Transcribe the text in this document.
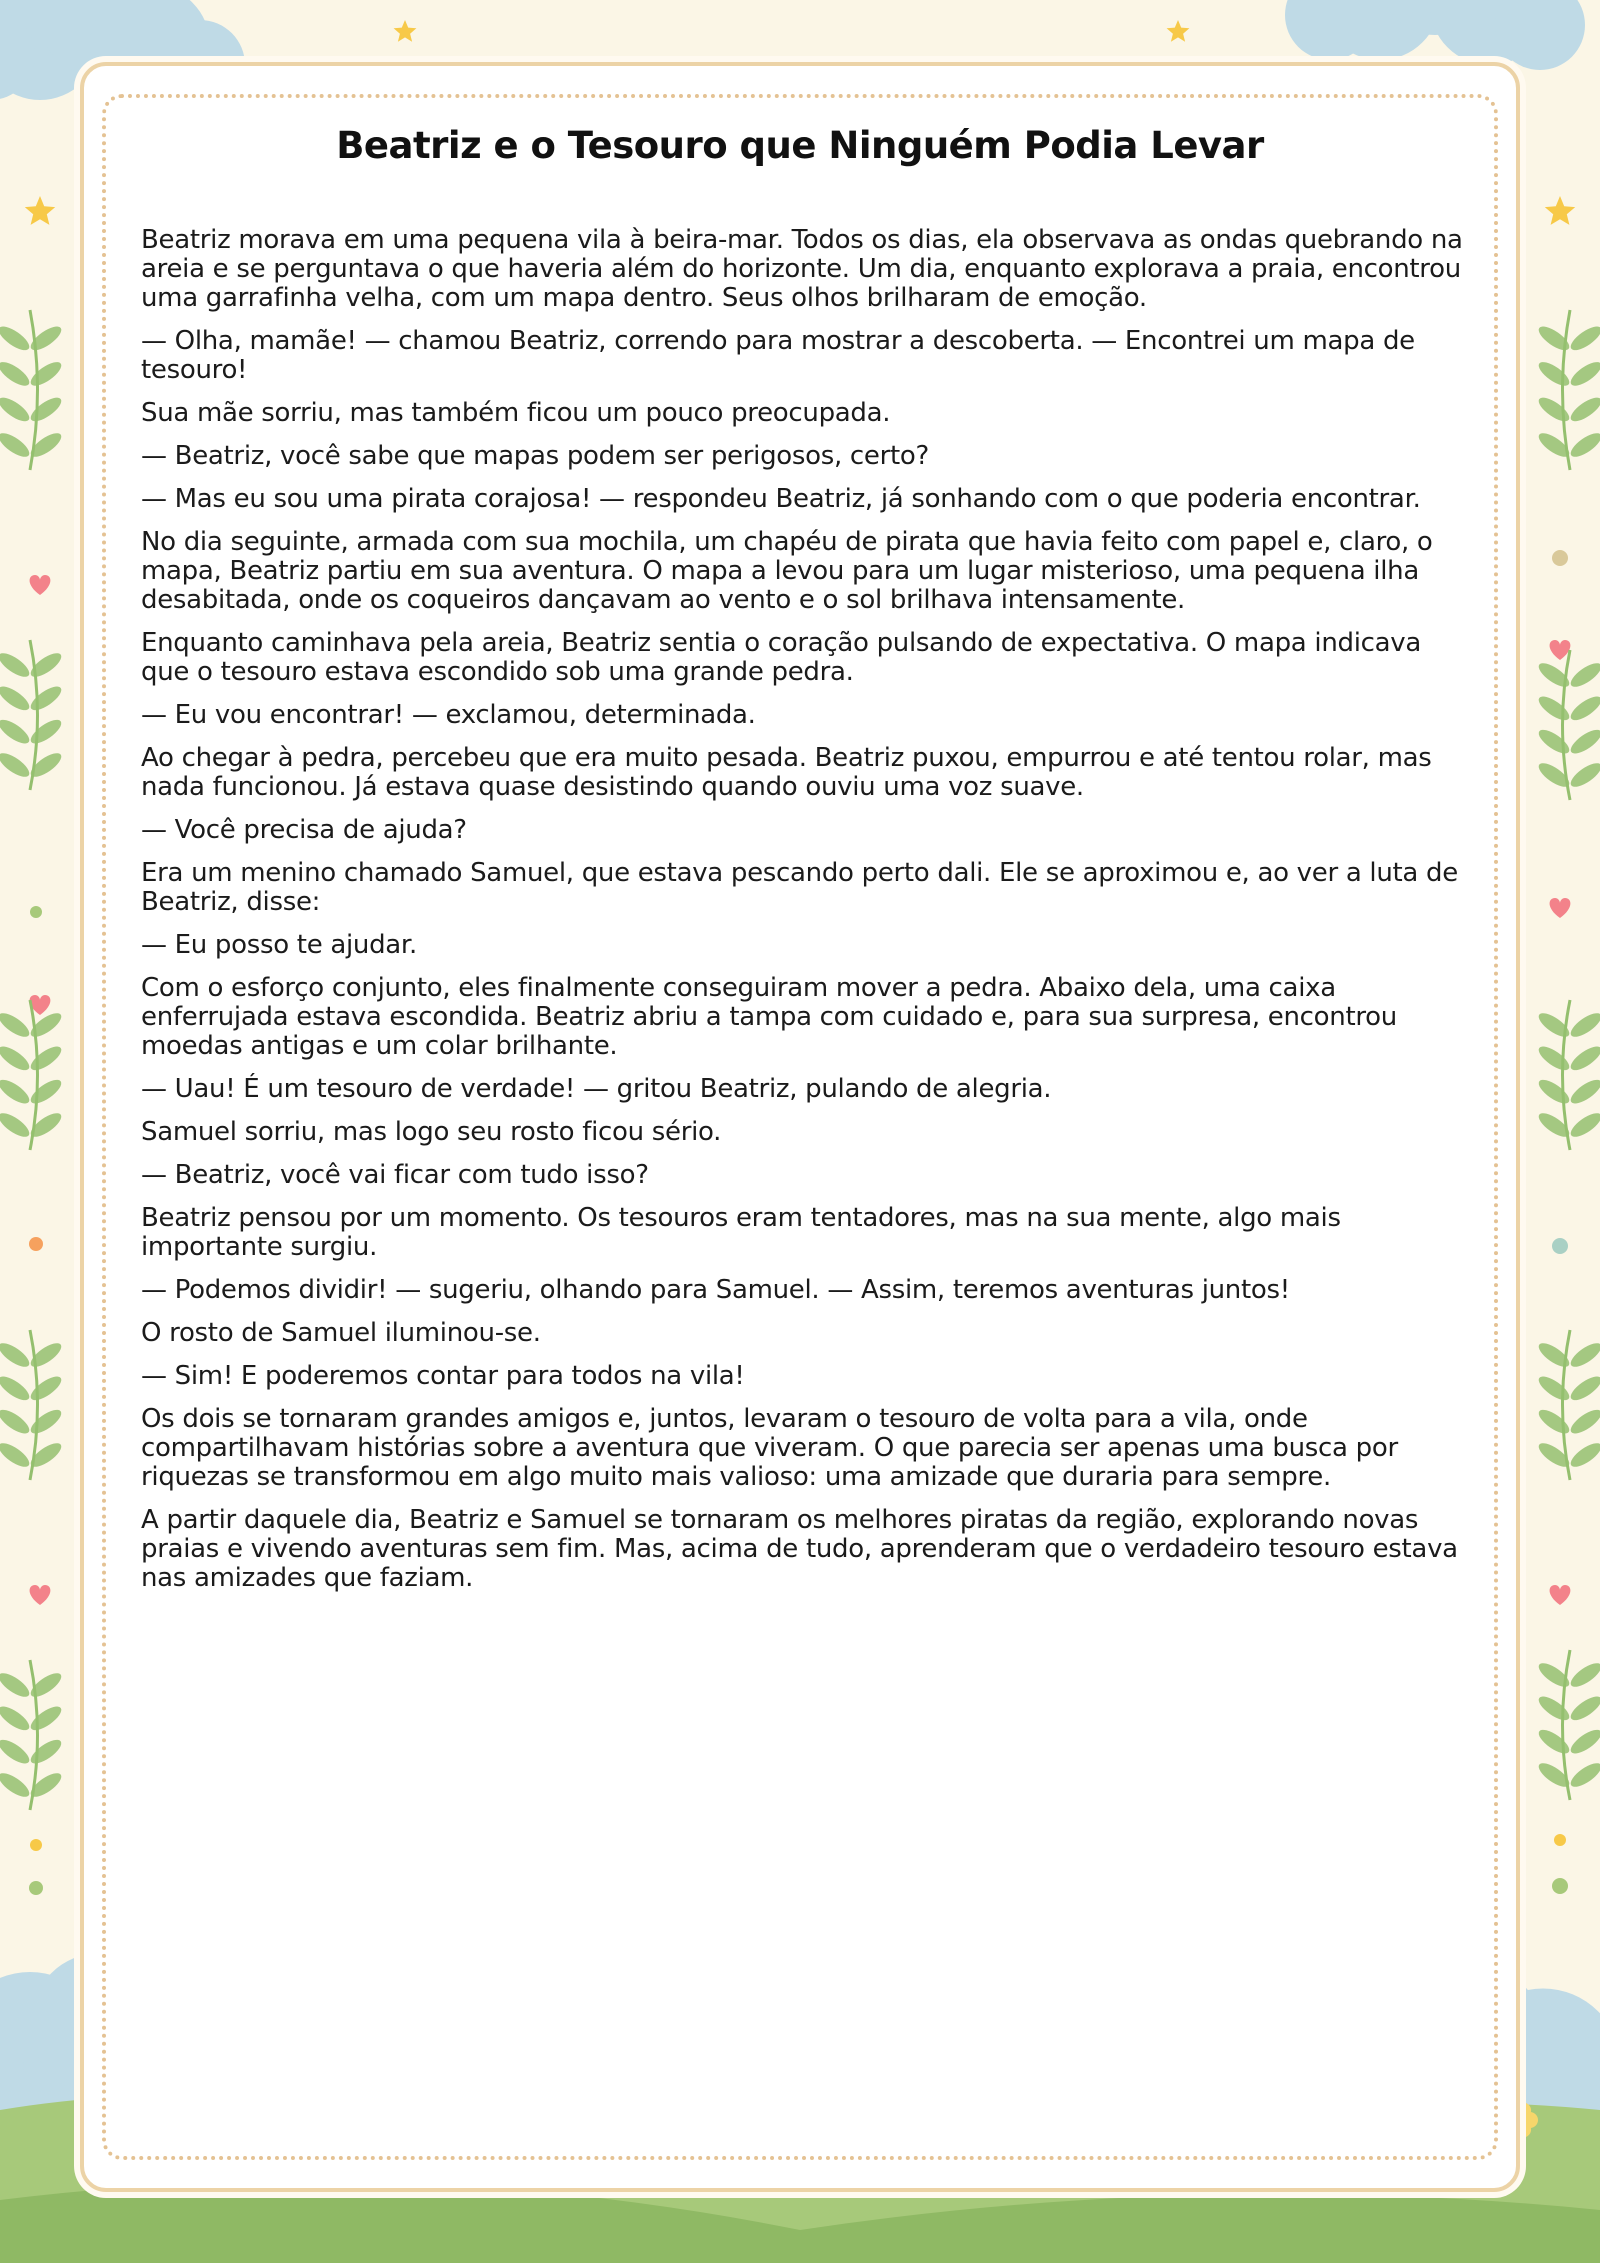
Beatriz e o Tesouro que Ninguém Podia Levar

Beatriz morava em uma pequena vila à beira-mar. Todos os dias, ela observava as ondas quebrando na areia e se perguntava o que haveria além do horizonte. Um dia, enquanto explorava a praia, encontrou uma garrafinha velha, com um mapa dentro. Seus olhos brilharam de emoção.

— Olha, mamãe! — chamou Beatriz, correndo para mostrar a descoberta. — Encontrei um mapa de tesouro!

Sua mãe sorriu, mas também ficou um pouco preocupada.

— Beatriz, você sabe que mapas podem ser perigosos, certo?

— Mas eu sou uma pirata corajosa! — respondeu Beatriz, já sonhando com o que poderia encontrar.

No dia seguinte, armada com sua mochila, um chapéu de pirata que havia feito com papel e, claro, o mapa, Beatriz partiu em sua aventura. O mapa a levou para um lugar misterioso, uma pequena ilha desabitada, onde os coqueiros dançavam ao vento e o sol brilhava intensamente.

Enquanto caminhava pela areia, Beatriz sentia o coração pulsando de expectativa. O mapa indicava que o tesouro estava escondido sob uma grande pedra.

— Eu vou encontrar! — exclamou, determinada.

Ao chegar à pedra, percebeu que era muito pesada. Beatriz puxou, empurrou e até tentou rolar, mas nada funcionou. Já estava quase desistindo quando ouviu uma voz suave.

— Você precisa de ajuda?

Era um menino chamado Samuel, que estava pescando perto dali. Ele se aproximou e, ao ver a luta de Beatriz, disse:

— Eu posso te ajudar.

Com o esforço conjunto, eles finalmente conseguiram mover a pedra. Abaixo dela, uma caixa enferrujada estava escondida. Beatriz abriu a tampa com cuidado e, para sua surpresa, encontrou moedas antigas e um colar brilhante.

— Uau! É um tesouro de verdade! — gritou Beatriz, pulando de alegria.

Samuel sorriu, mas logo seu rosto ficou sério.

— Beatriz, você vai ficar com tudo isso?

Beatriz pensou por um momento. Os tesouros eram tentadores, mas na sua mente, algo mais importante surgiu.

— Podemos dividir! — sugeriu, olhando para Samuel. — Assim, teremos aventuras juntos!

O rosto de Samuel iluminou-se.

— Sim! E poderemos contar para todos na vila!

Os dois se tornaram grandes amigos e, juntos, levaram o tesouro de volta para a vila, onde compartilhavam histórias sobre a aventura que viveram. O que parecia ser apenas uma busca por riquezas se transformou em algo muito mais valioso: uma amizade que duraria para sempre.

A partir daquele dia, Beatriz e Samuel se tornaram os melhores piratas da região, explorando novas praias e vivendo aventuras sem fim. Mas, acima de tudo, aprenderam que o verdadeiro tesouro estava nas amizades que faziam.
